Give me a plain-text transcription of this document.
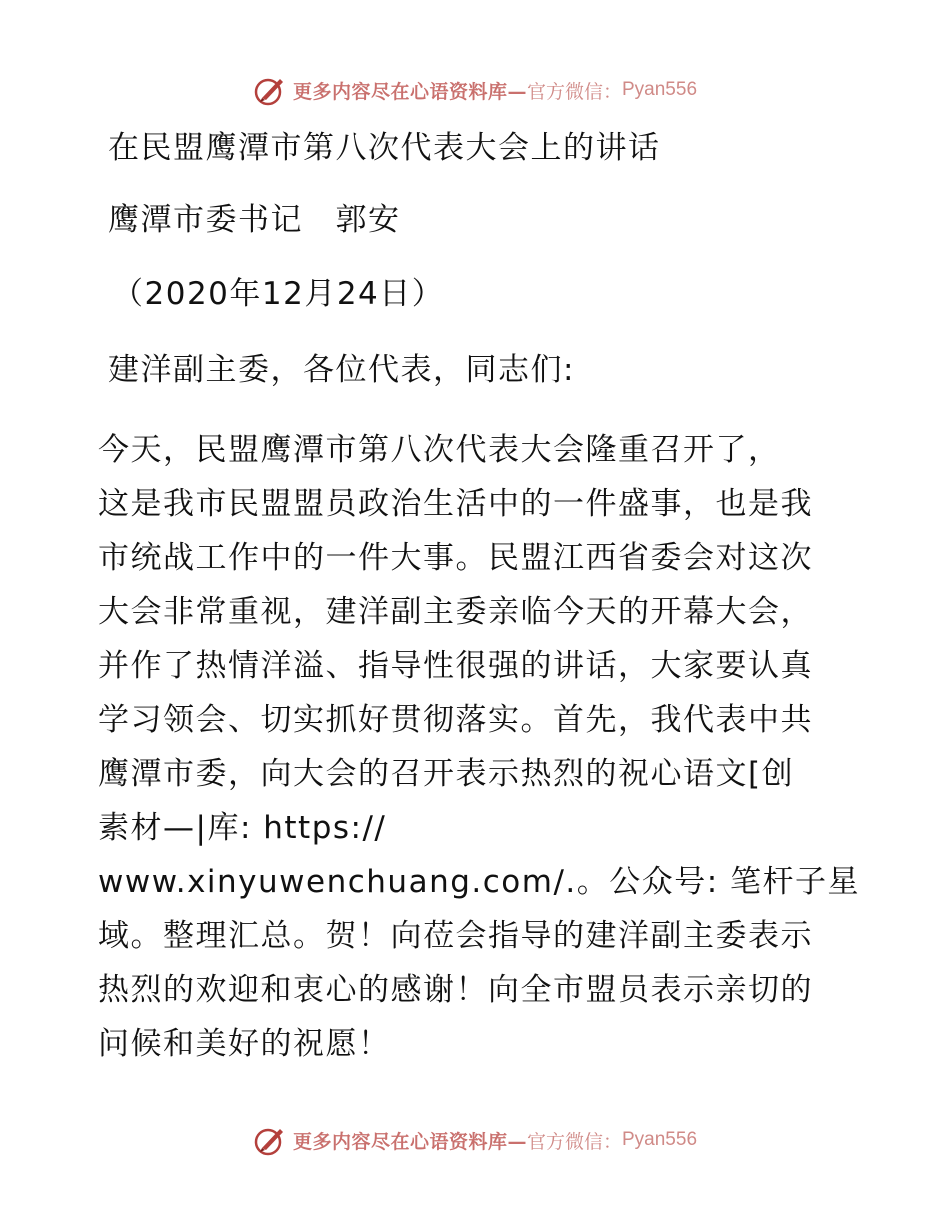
更多内容尽在心语资料库— 官方微信： Pyan556
在民盟鹰潭市第八次代表大会上的讲话
鹰潭市委书记　郭安
（2020年12月24日）
建洋副主委，各位代表，同志们:
今天，民盟鹰潭市第八次代表大会隆重召开了，
这是我市民盟盟员政治生活中的一件盛事，也是我
市统战工作中的一件大事。民盟江西省委会对这次
大会非常重视，建洋副主委亲临今天的开幕大会，
并作了热情洋溢、指导性很强的讲话，大家要认真
学习领会、切实抓好贯彻落实。首先，我代表中共
鹰潭市委，向大会的召开表示热烈的祝心语文[创
素材—|库: https://
www.xinyuwenchuang.com/.。公众号: 笔杆子星
域。整理汇总。贺！向莅会指导的建洋副主委表示
热烈的欢迎和衷心的感谢！向全市盟员表示亲切的
问候和美好的祝愿！
更多内容尽在心语资料库— 官方微信： Pyan556
